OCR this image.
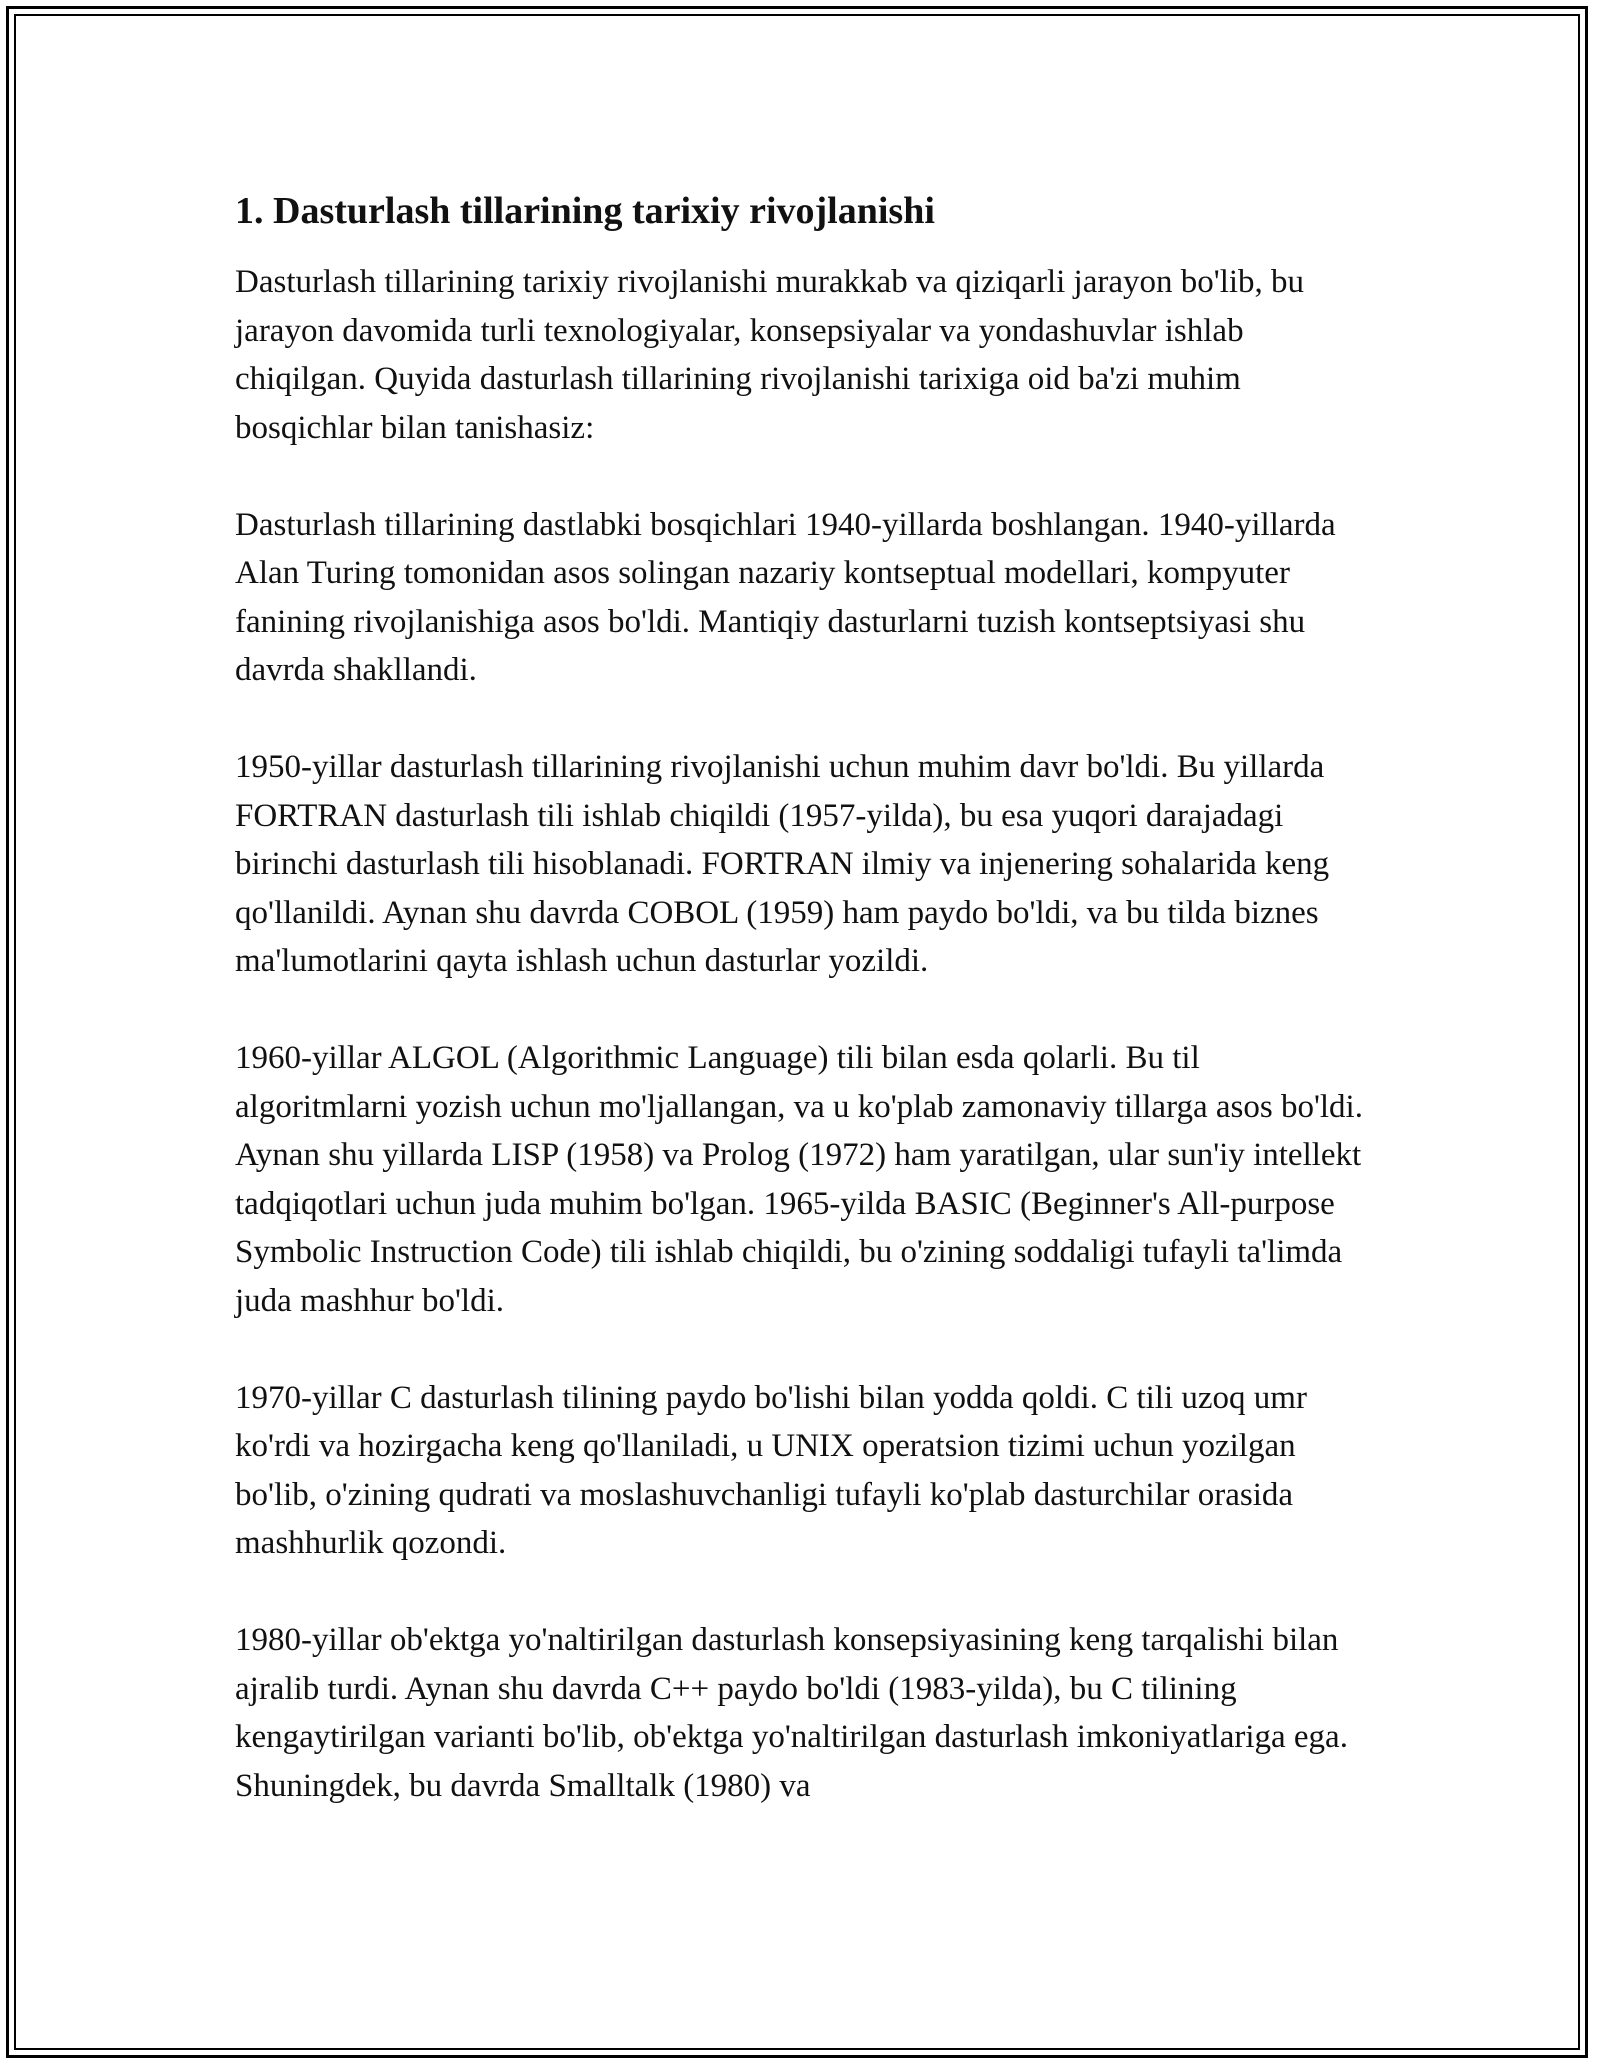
1. Dasturlash tillarining tarixiy rivojlanishi

Dasturlash tillarining tarixiy rivojlanishi murakkab va qiziqarli jarayon bo'lib, bu jarayon davomida turli texnologiyalar, konsepsiyalar va yondashuvlar ishlab chiqilgan. Quyida dasturlash tillarining rivojlanishi tarixiga oid ba'zi muhim bosqichlar bilan tanishasiz:

Dasturlash tillarining dastlabki bosqichlari 1940-yillarda boshlangan. 1940-yillarda Alan Turing tomonidan asos solingan nazariy kontseptual modellari, kompyuter fanining rivojlanishiga asos bo'ldi. Mantiqiy dasturlarni tuzish kontseptsiyasi shu davrda shakllandi.

1950-yillar dasturlash tillarining rivojlanishi uchun muhim davr bo'ldi. Bu yillarda FORTRAN dasturlash tili ishlab chiqildi (1957-yilda), bu esa yuqori darajadagi birinchi dasturlash tili hisoblanadi. FORTRAN ilmiy va injenering sohalarida keng qo'llanildi. Aynan shu davrda COBOL (1959) ham paydo bo'ldi, va bu tilda biznes ma'lumotlarini qayta ishlash uchun dasturlar yozildi.

1960-yillar ALGOL (Algorithmic Language) tili bilan esda qolarli. Bu til algoritmlarni yozish uchun mo'ljallangan, va u ko'plab zamonaviy tillarga asos bo'ldi. Aynan shu yillarda LISP (1958) va Prolog (1972) ham yaratilgan, ular sun'iy intellekt tadqiqotlari uchun juda muhim bo'lgan. 1965-yilda BASIC (Beginner's All-purpose Symbolic Instruction Code) tili ishlab chiqildi, bu o'zining soddaligi tufayli ta'limda juda mashhur bo'ldi.

1970-yillar C dasturlash tilining paydo bo'lishi bilan yodda qoldi. C tili uzoq umr ko'rdi va hozirgacha keng qo'llaniladi, u UNIX operatsion tizimi uchun yozilgan bo'lib, o'zining qudrati va moslashuvchanligi tufayli ko'plab dasturchilar orasida mashhurlik qozondi.

1980-yillar ob'ektga yo'naltirilgan dasturlash konsepsiyasining keng tarqalishi bilan ajralib turdi. Aynan shu davrda C++ paydo bo'ldi (1983-yilda), bu C tilining kengaytirilgan varianti bo'lib, ob'ektga yo'naltirilgan dasturlash imkoniyatlariga ega. Shuningdek, bu davrda Smalltalk (1980) va
